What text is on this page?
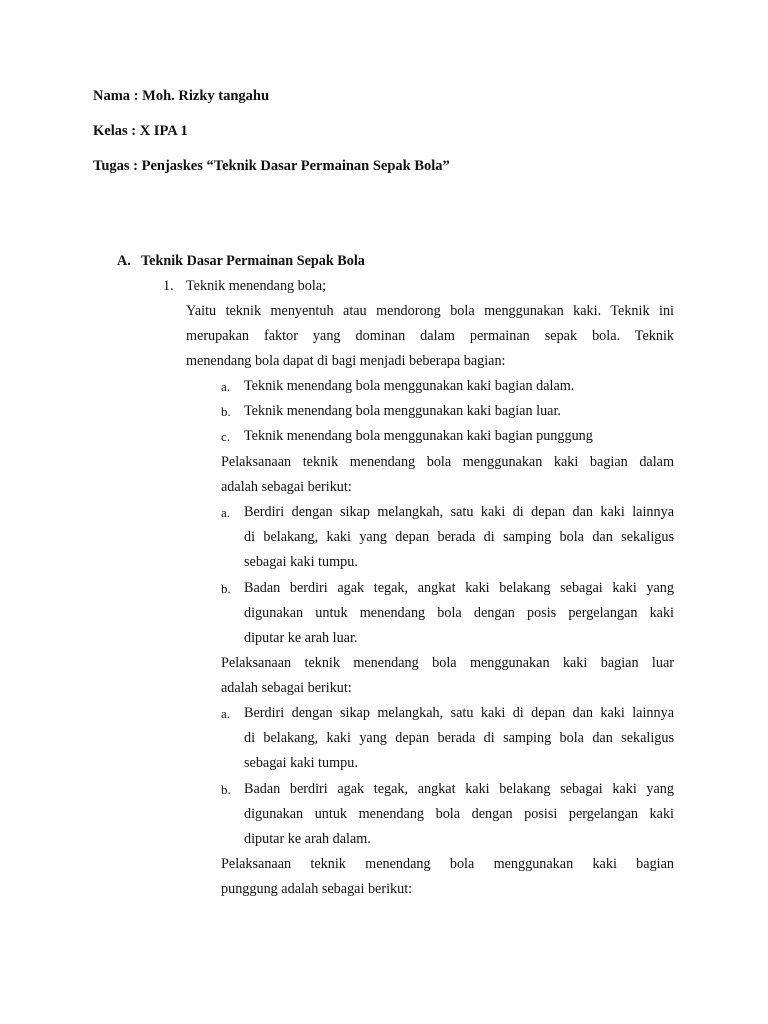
Nama : Moh. Rizky tangahu
Kelas : X IPA 1
Tugas : Penjaskes “Teknik Dasar Permainan Sepak Bola”
A. Teknik Dasar Permainan Sepak Bola
1. Teknik menendang bola;
Yaitu teknik menyentuh atau mendorong bola menggunakan kaki. Teknik ini
merupakan faktor yang dominan dalam permainan sepak bola. Teknik
menendang bola dapat di bagi menjadi beberapa bagian:
a. Teknik menendang bola menggunakan kaki bagian dalam.
b. Teknik menendang bola menggunakan kaki bagian luar.
c. Teknik menendang bola menggunakan kaki bagian punggung
Pelaksanaan teknik menendang bola menggunakan kaki bagian dalam
adalah sebagai berikut:
a. Berdiri dengan sikap melangkah, satu kaki di depan dan kaki lainnya
di belakang, kaki yang depan berada di samping bola dan sekaligus
sebagai kaki tumpu.
b. Badan berdiri agak tegak, angkat kaki belakang sebagai kaki yang
digunakan untuk menendang bola dengan posis pergelangan kaki
diputar ke arah luar.
Pelaksanaan teknik menendang bola menggunakan kaki bagian luar
adalah sebagai berikut:
a. Berdiri dengan sikap melangkah, satu kaki di depan dan kaki lainnya
di belakang, kaki yang depan berada di samping bola dan sekaligus
sebagai kaki tumpu.
b. Badan berdiri agak tegak, angkat kaki belakang sebagai kaki yang
digunakan untuk menendang bola dengan posisi pergelangan kaki
diputar ke arah dalam.
Pelaksanaan teknik menendang bola menggunakan kaki bagian
punggung adalah sebagai berikut:
